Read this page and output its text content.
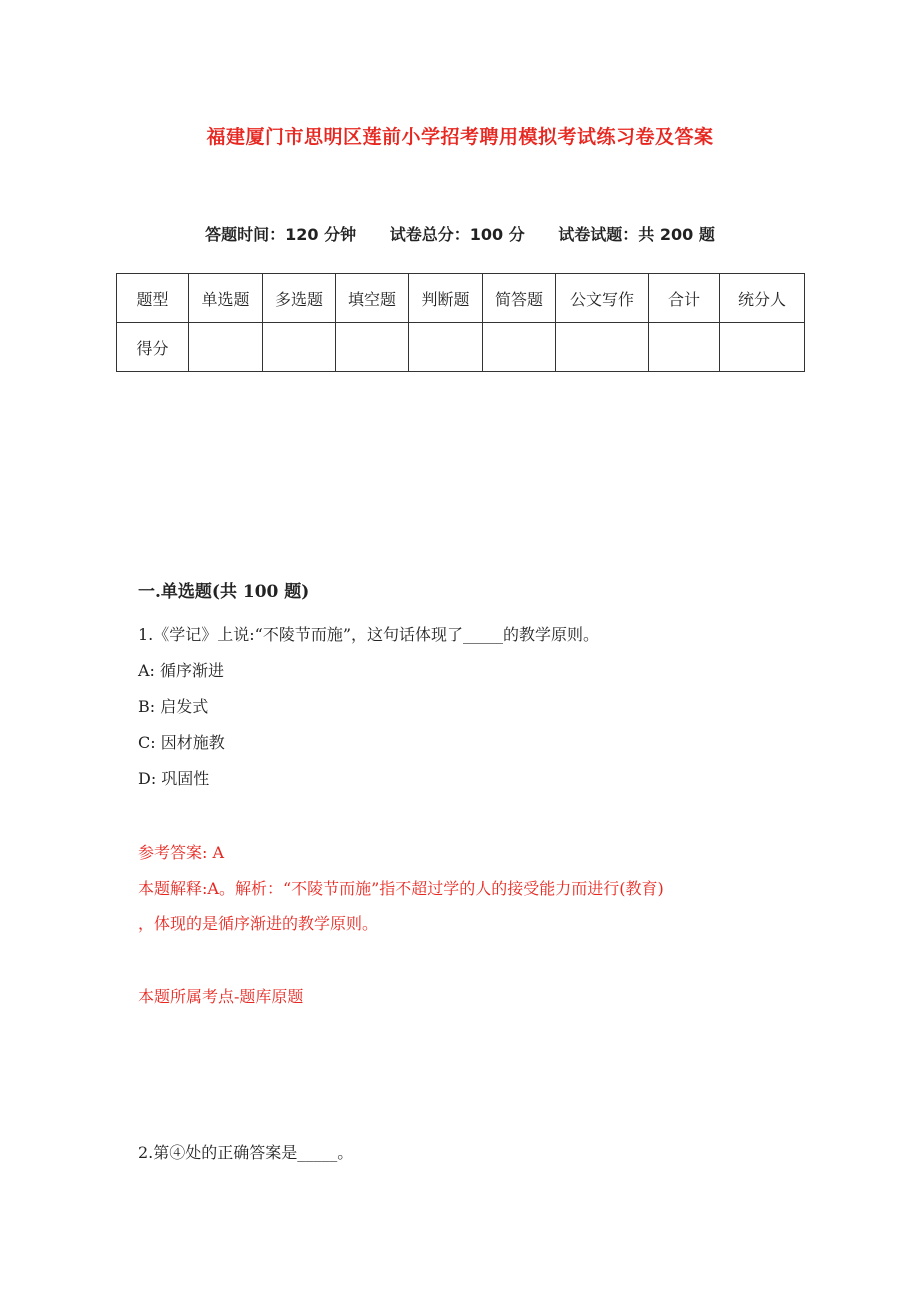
福建厦门市思明区莲前小学招考聘用模拟考试练习卷及答案
答题时间：120 分钟 试卷总分：100 分 试卷试题：共 200 题
题型	单选题	多选题	填空题	判断题	简答题	公文写作	合计	统分人
得分								
一.单选题(共 100 题)
1.《学记》上说:“不陵节而施”，这句话体现了_____的教学原则。
A: 循序渐进
B: 启发式
C: 因材施教
D: 巩固性
参考答案: A
本题解释:A。解析：“不陵节而施”指不超过学的人的接受能力而进行(教育)
，体现的是循序渐进的教学原则。
本题所属考点-题库原题
2.第④处的正确答案是_____。
